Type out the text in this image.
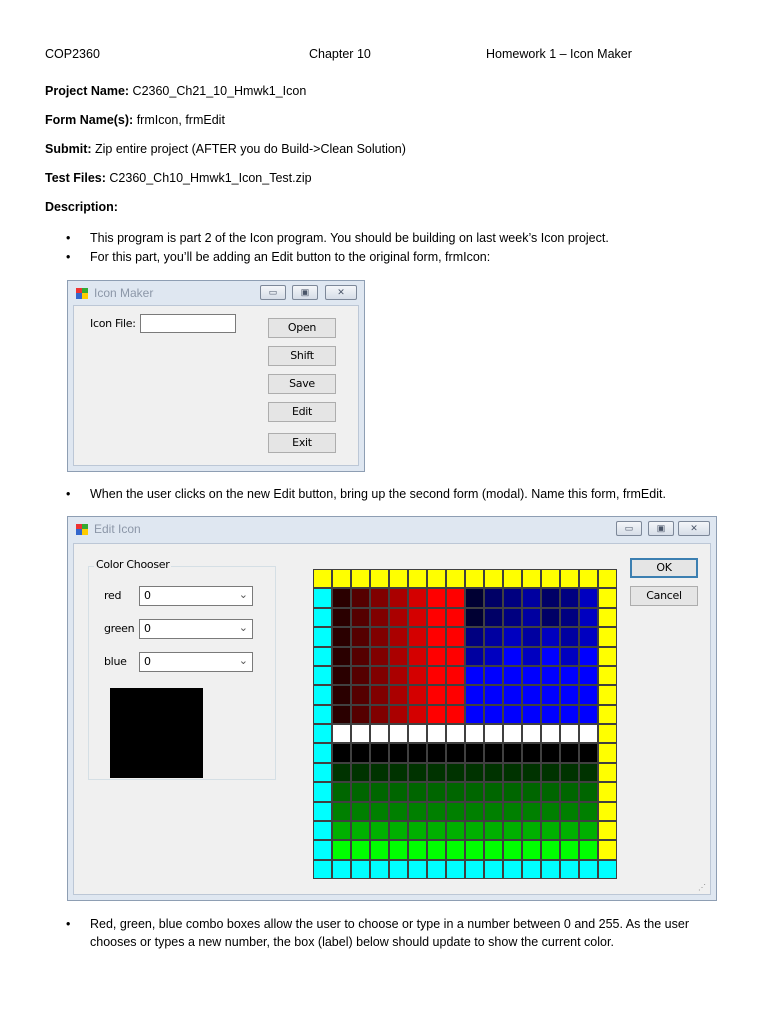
COP2360	Chapter 10	Homework 1 – Icon Maker
Project Name: C2360_Ch21_10_Hmwk1_Icon
Form Name(s): frmIcon, frmEdit
Submit: Zip entire project (AFTER you do Build->Clean Solution)
Test Files: C2360_Ch10_Hmwk1_Icon_Test.zip
Description:
• This program is part 2 of the Icon program. You should be building on last week’s Icon project.
• For this part, you’ll be adding an Edit button to the original form, frmIcon:
Icon Maker	▭	▣	✕
Icon File:	Open
Shift
Save
Edit
Exit
• When the user clicks on the new Edit button, bring up the second form (modal). Name this form, frmEdit.
Edit Icon	▭	▣	✕
Color Chooser
red 0	⌄
green 0	⌄
blue 0	⌄
OK
Cancel
⋰
• Red, green, blue combo boxes allow the user to choose or type in a number between 0 and 255. As the user chooses or types a new number, the box (label) below should update to show the current color.
